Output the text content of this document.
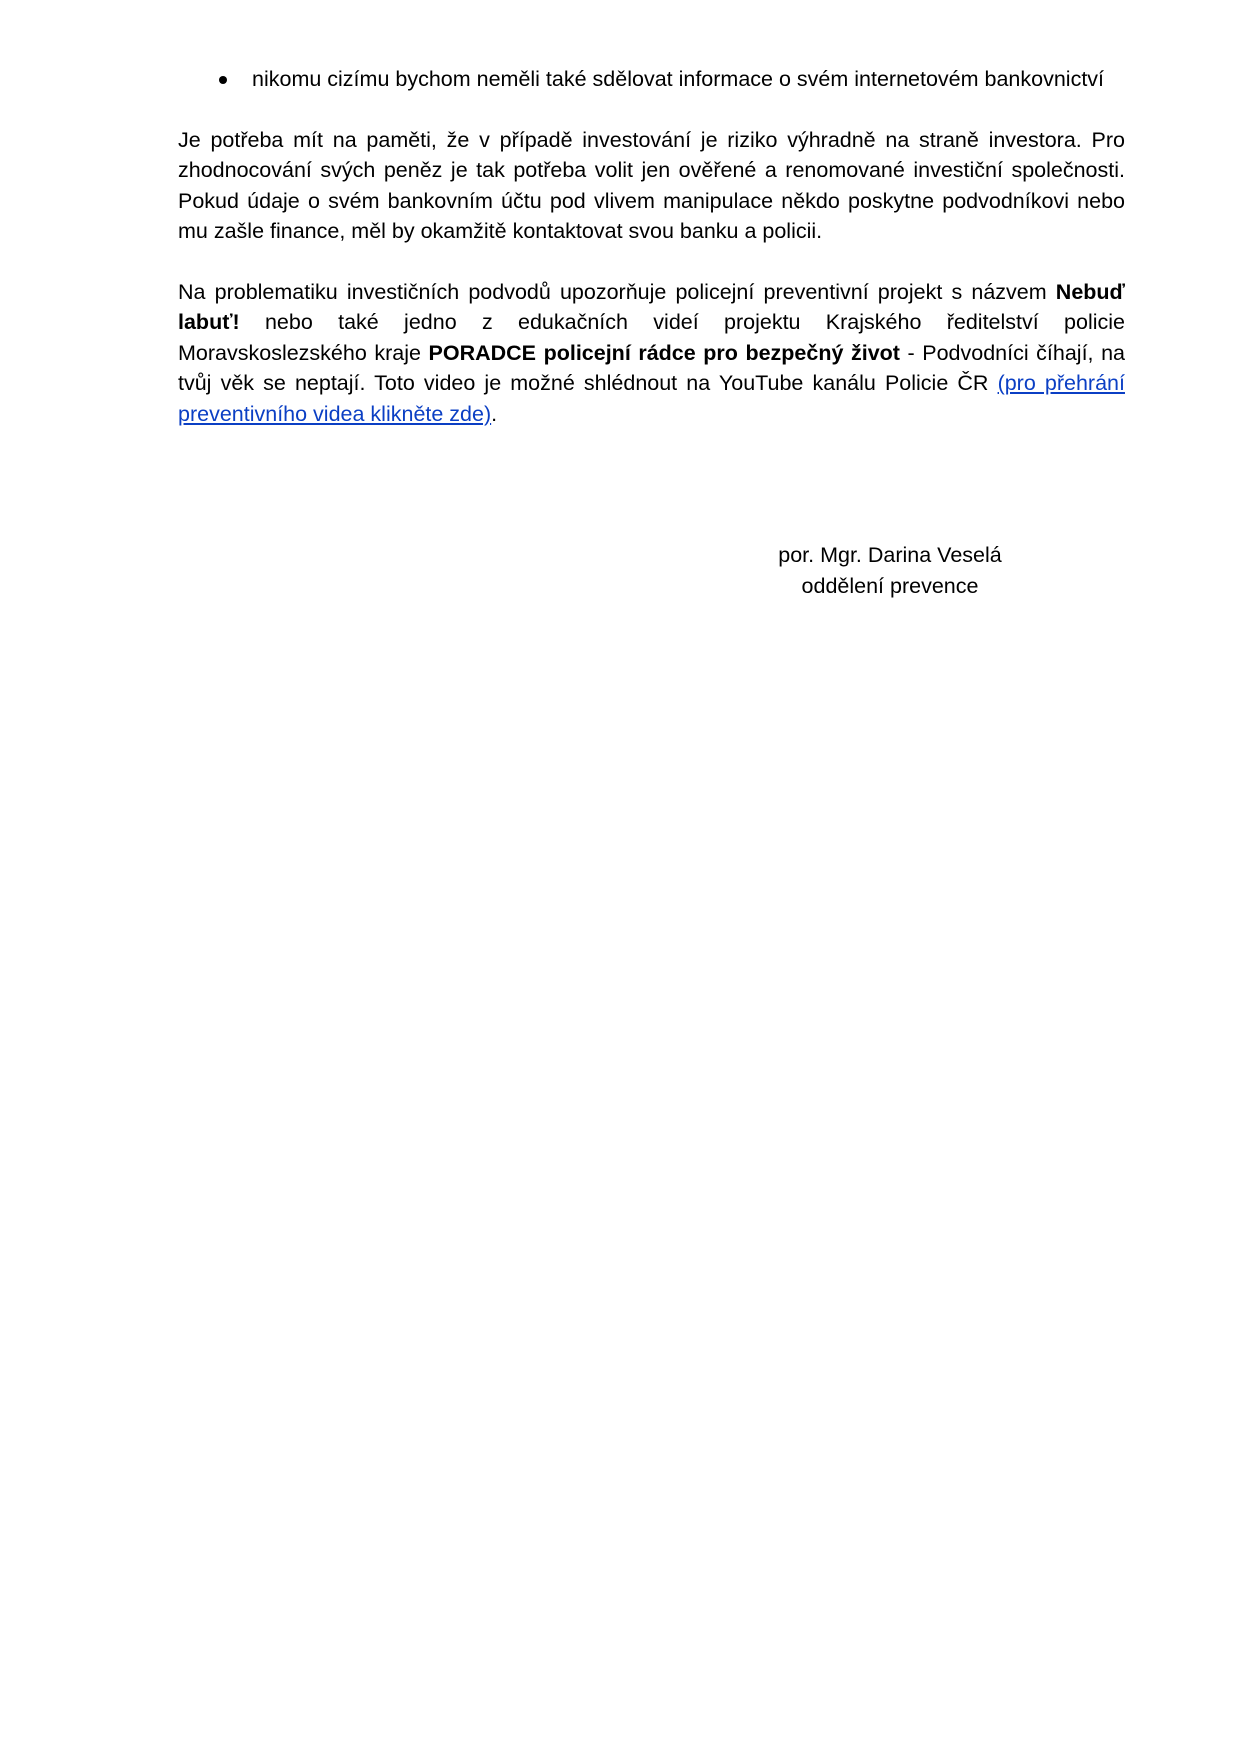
nikomu cizímu bychom neměli také sdělovat informace o svém internetovém bankovnictví

Je potřeba mít na paměti, že v případě investování je riziko výhradně na straně investora. Pro zhodnocování svých peněz je tak potřeba volit jen ověřené a renomované investiční společnosti. Pokud údaje o svém bankovním účtu pod vlivem manipulace někdo poskytne podvodníkovi nebo mu zašle finance, měl by okamžitě kontaktovat svou banku a policii.

Na problematiku investičních podvodů upozorňuje policejní preventivní projekt s názvem Nebuď labuť! nebo také jedno z edukačních videí projektu Krajského ředitelství policie Moravskoslezského kraje PORADCE policejní rádce pro bezpečný život - Podvodníci číhají, na tvůj věk se neptají. Toto video je možné shlédnout na YouTube kanálu Policie ČR (pro přehrání preventivního videa klikněte zde).

por. Mgr. Darina Veselá
oddělení prevence
